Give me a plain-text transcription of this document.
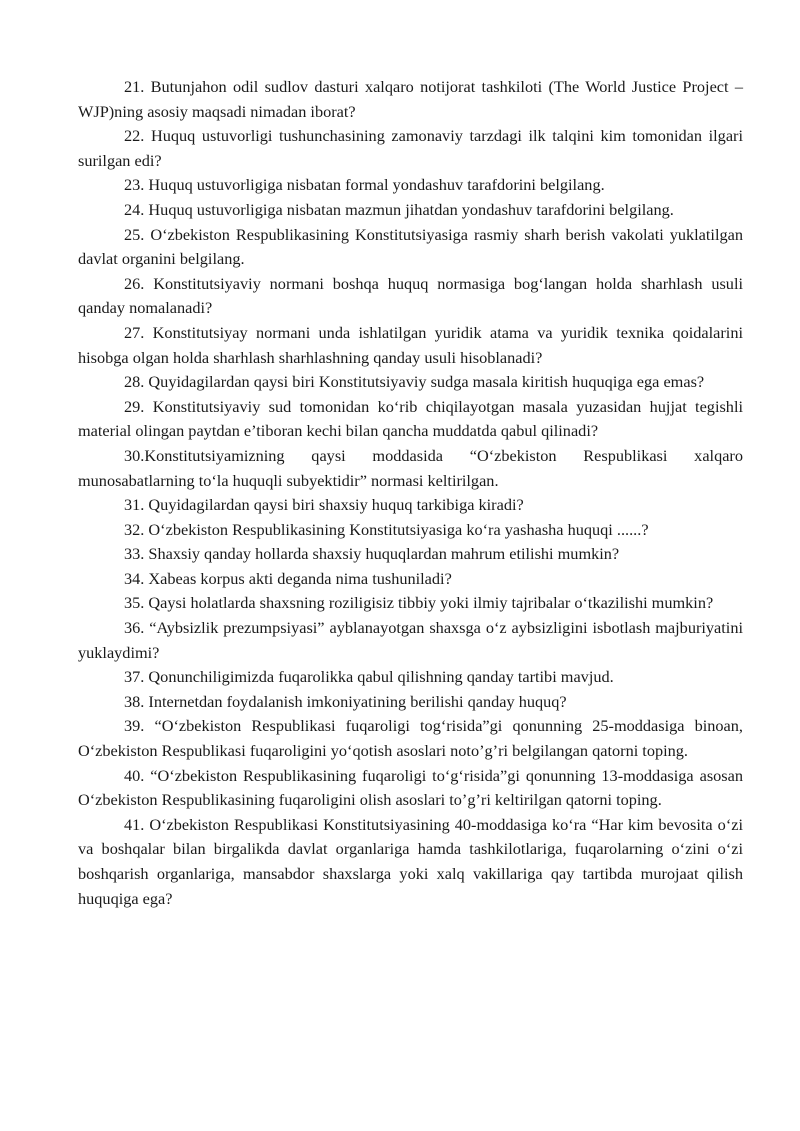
21. Butunjahon odil sudlov dasturi xalqaro notijorat tashkiloti (The World Justice Project – WJP)ning asosiy maqsadi nimadan iborat?

22. Huquq ustuvorligi tushunchasining zamonaviy tarzdagi ilk talqini kim tomonidan ilgari surilgan edi?

23. Huquq ustuvorligiga nisbatan formal yondashuv tarafdorini belgilang.

24. Huquq ustuvorligiga nisbatan mazmun jihatdan yondashuv tarafdorini belgilang.

25. O‘zbekiston Respublikasining Konstitutsiyasiga rasmiy sharh berish vakolati yuklatilgan davlat organini belgilang.

26. Konstitutsiyaviy normani boshqa huquq normasiga bog‘langan holda sharhlash usuli qanday nomalanadi?

27. Konstitutsiyay normani unda ishlatilgan yuridik atama va yuridik texnika qoidalarini hisobga olgan holda sharhlash sharhlashning qanday usuli hisoblanadi?

28. Quyidagilardan qaysi biri Konstitutsiyaviy sudga masala kiritish huquqiga ega emas?

29. Konstitutsiyaviy sud tomonidan ko‘rib chiqilayotgan masala yuzasidan hujjat tegishli material olingan paytdan e’tiboran kechi bilan qancha muddatda qabul qilinadi?

30.Konstitutsiyamizning qaysi moddasida “O‘zbekiston Respublikasi xalqaro munosabatlarning to‘la huquqli subyektidir” normasi keltirilgan.

31. Quyidagilardan qaysi biri shaxsiy huquq tarkibiga kiradi?

32. O‘zbekiston Respublikasining Konstitutsiyasiga ko‘ra yashasha huquqi ......?

33. Shaxsiy qanday hollarda shaxsiy huquqlardan mahrum etilishi mumkin?

34. Xabeas korpus akti deganda nima tushuniladi?

35. Qaysi holatlarda shaxsning roziligisiz tibbiy yoki ilmiy tajribalar o‘tkazilishi mumkin?

36. “Aybsizlik prezumpsiyasi” ayblanayotgan shaxsga o‘z aybsizligini isbotlash majburiyatini yuklaydimi?

37. Qonunchiligimizda fuqarolikka qabul qilishning qanday tartibi mavjud.

38. Internetdan foydalanish imkoniyatining berilishi qanday huquq?

39. “O‘zbekiston Respublikasi fuqaroligi tog‘risida”gi qonunning 25-moddasiga binoan, O‘zbekiston Respublikasi fuqaroligini yo‘qotish asoslari noto’g’ri belgilangan qatorni toping.

40. “O‘zbekiston Respublikasining fuqaroligi to‘g‘risida”gi qonunning 13-moddasiga asosan O‘zbekiston Respublikasining fuqaroligini olish asoslari to’g’ri keltirilgan qatorni toping.

41. O‘zbekiston Respublikasi Konstitutsiyasining 40-moddasiga ko‘ra “Har kim bevosita o‘zi va boshqalar bilan birgalikda davlat organlariga hamda tashkilotlariga, fuqarolarning o‘zini o‘zi boshqarish organlariga, mansabdor shaxslarga yoki xalq vakillariga qay tartibda murojaat qilish huquqiga ega?
